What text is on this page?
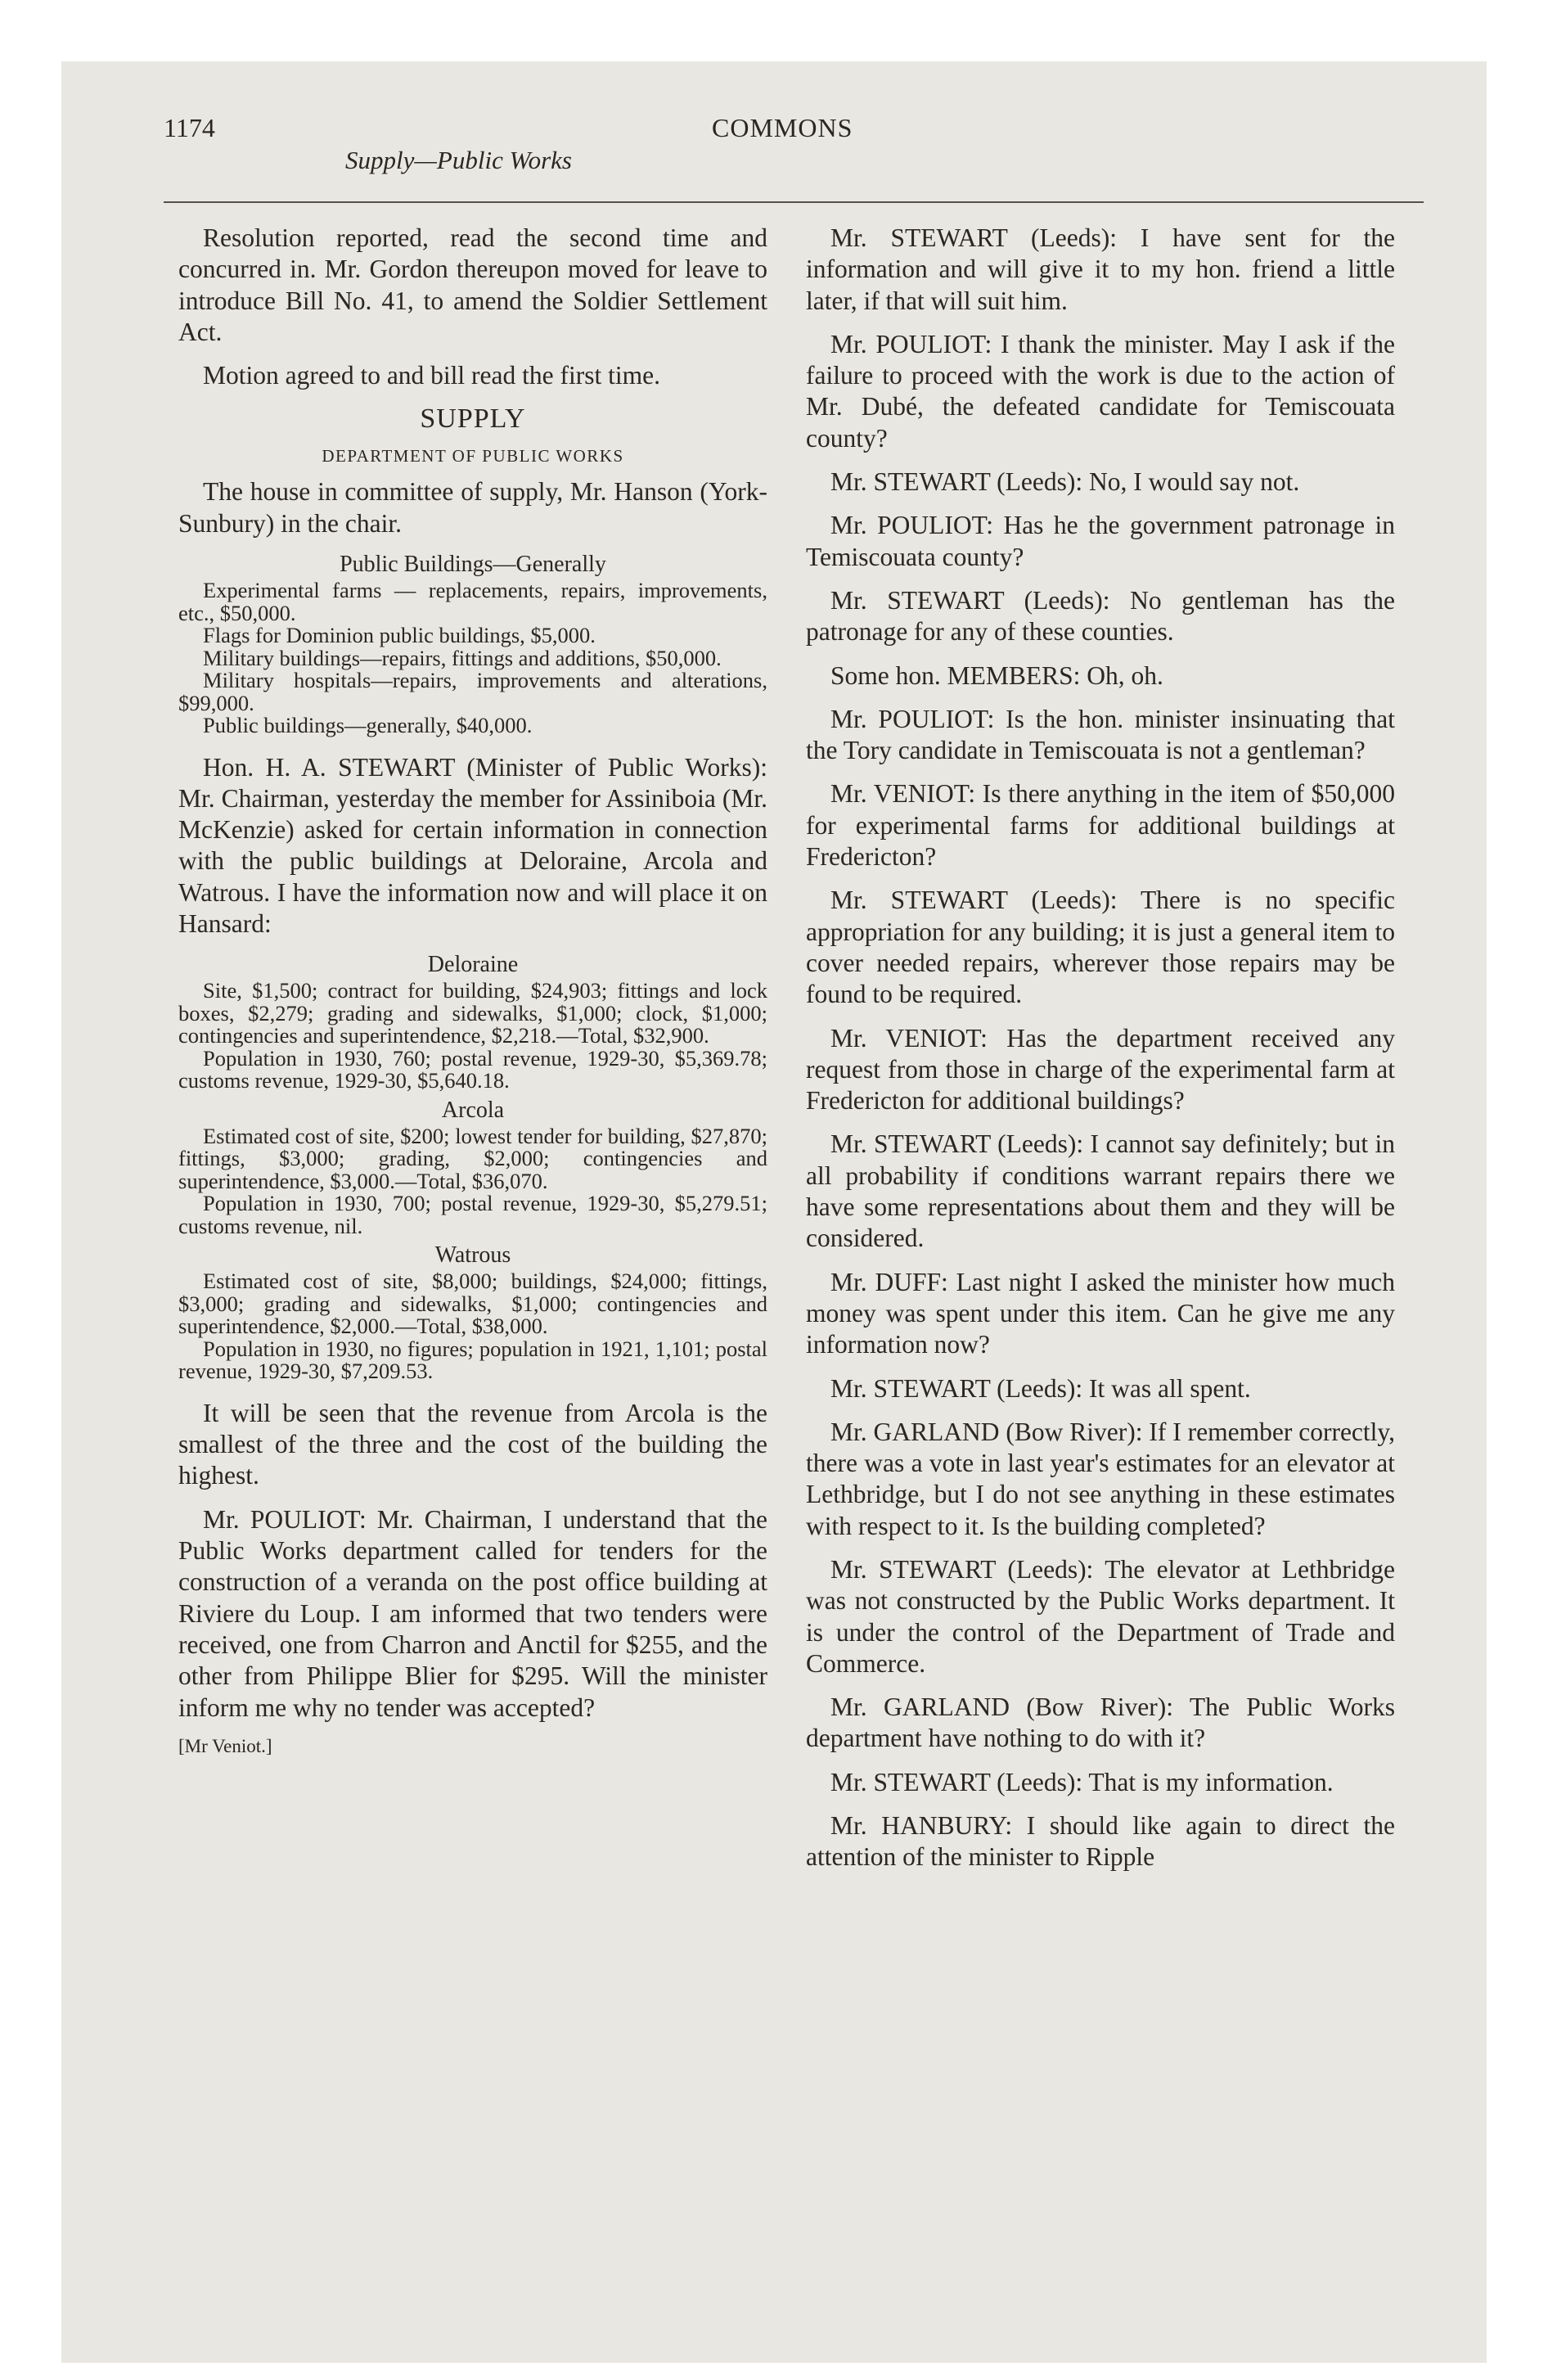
1174	COMMONS
Supply—Public Works

Resolution reported, read the second time and concurred in. Mr. Gordon thereupon moved for leave to introduce Bill No. 41, to amend the Soldier Settlement Act.

Motion agreed to and bill read the first time.

SUPPLY
DEPARTMENT OF PUBLIC WORKS

The house in committee of supply, Mr. Hanson (York-Sunbury) in the chair.

Public Buildings—Generally

Experimental farms — replacements, repairs, improvements, etc., $50,000.

Flags for Dominion public buildings, $5,000.

Military buildings—repairs, fittings and additions, $50,000.

Military hospitals—repairs, improvements and alterations, $99,000.

Public buildings—generally, $40,000.

Hon. H. A. STEWART (Minister of Public Works): Mr. Chairman, yesterday the member for Assiniboia (Mr. McKenzie) asked for certain information in connection with the public buildings at Deloraine, Arcola and Watrous. I have the information now and will place it on Hansard:

Deloraine

Site, $1,500; contract for building, $24,903; fittings and lock boxes, $2,279; grading and sidewalks, $1,000; clock, $1,000; contingencies and superintendence, $2,218.—Total, $32,900.

Population in 1930, 760; postal revenue, 1929-30, $5,369.78; customs revenue, 1929-30, $5,640.18.

Arcola

Estimated cost of site, $200; lowest tender for building, $27,870; fittings, $3,000; grading, $2,000; contingencies and superintendence, $3,000.—Total, $36,070.

Population in 1930, 700; postal revenue, 1929-30, $5,279.51; customs revenue, nil.

Watrous

Estimated cost of site, $8,000; buildings, $24,000; fittings, $3,000; grading and sidewalks, $1,000; contingencies and superintendence, $2,000.—Total, $38,000.

Population in 1930, no figures; population in 1921, 1,101; postal revenue, 1929-30, $7,209.53.

It will be seen that the revenue from Arcola is the smallest of the three and the cost of the building the highest.

Mr. POULIOT: Mr. Chairman, I understand that the Public Works department called for tenders for the construction of a veranda on the post office building at Riviere du Loup. I am informed that two tenders were received, one from Charron and Anctil for $255, and the other from Philippe Blier for $295. Will the minister inform me why no tender was accepted?

[Mr Veniot.]

Mr. STEWART (Leeds): I have sent for the information and will give it to my hon. friend a little later, if that will suit him.

Mr. POULIOT: I thank the minister. May I ask if the failure to proceed with the work is due to the action of Mr. Dubé, the defeated candidate for Temiscouata county?

Mr. STEWART (Leeds): No, I would say not.

Mr. POULIOT: Has he the government patronage in Temiscouata county?

Mr. STEWART (Leeds): No gentleman has the patronage for any of these counties.

Some hon. MEMBERS: Oh, oh.

Mr. POULIOT: Is the hon. minister insinuating that the Tory candidate in Temiscouata is not a gentleman?

Mr. VENIOT: Is there anything in the item of $50,000 for experimental farms for additional buildings at Fredericton?

Mr. STEWART (Leeds): There is no specific appropriation for any building; it is just a general item to cover needed repairs, wherever those repairs may be found to be required.

Mr. VENIOT: Has the department received any request from those in charge of the experimental farm at Fredericton for additional buildings?

Mr. STEWART (Leeds): I cannot say definitely; but in all probability if conditions warrant repairs there we have some representations about them and they will be considered.

Mr. DUFF: Last night I asked the minister how much money was spent under this item. Can he give me any information now?

Mr. STEWART (Leeds): It was all spent.

Mr. GARLAND (Bow River): If I remember correctly, there was a vote in last year's estimates for an elevator at Lethbridge, but I do not see anything in these estimates with respect to it. Is the building completed?

Mr. STEWART (Leeds): The elevator at Lethbridge was not constructed by the Public Works department. It is under the control of the Department of Trade and Commerce.

Mr. GARLAND (Bow River): The Public Works department have nothing to do with it?

Mr. STEWART (Leeds): That is my information.

Mr. HANBURY: I should like again to direct the attention of the minister to Ripple
